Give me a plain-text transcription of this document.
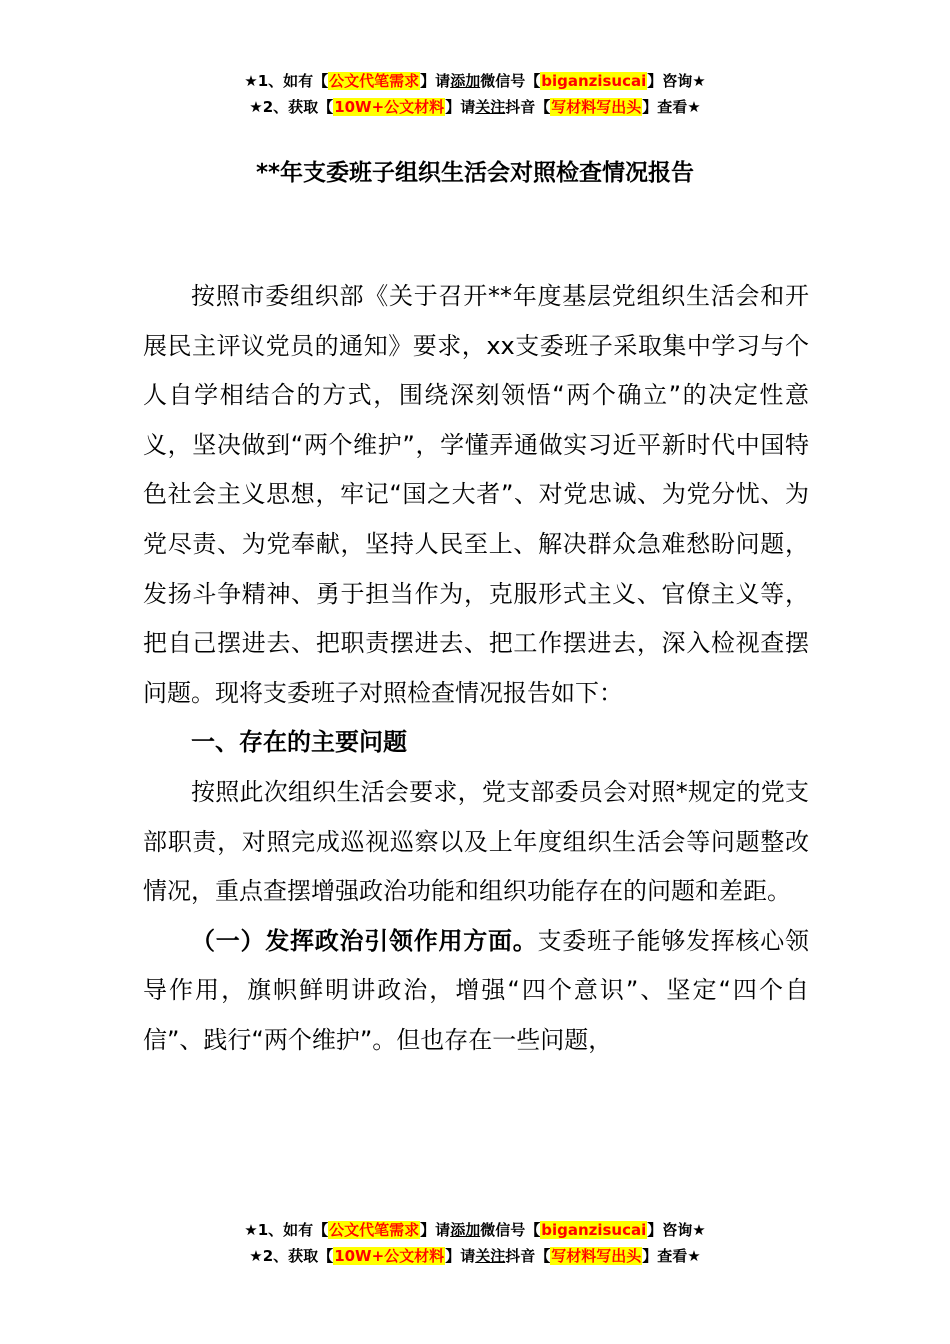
★1、如有【公文代笔需求】请添加微信号【biganzisucai】咨询★
★2、获取【10W+公文材料】请关注抖音【写材料写出头】查看★
**年支委班子组织生活会对照检查情况报告

按照市委组织部《关于召开**年度基层党组织生活会和开展民主评议党员的通知》要求，xx支委班子采取集中学习与个人自学相结合的方式，围绕深刻领悟“两个确立”的决定性意义，坚决做到“两个维护”，学懂弄通做实习近平新时代中国特色社会主义思想，牢记“国之大者”、对党忠诚、为党分忧、为党尽责、为党奉献，坚持人民至上、解决群众急难愁盼问题，发扬斗争精神、勇于担当作为，克服形式主义、官僚主义等，把自己摆进去、把职责摆进去、把工作摆进去，深入检视查摆问题。现将支委班子对照检查情况报告如下：

一、存在的主要问题

按照此次组织生活会要求，党支部委员会对照*规定的党支部职责，对照完成巡视巡察以及上年度组织生活会等问题整改情况，重点查摆增强政治功能和组织功能存在的问题和差距。

（一）发挥政治引领作用方面。支委班子能够发挥核心领导作用，旗帜鲜明讲政治，增强“四个意识”、坚定“四个自信”、践行“两个维护”。但也存在一些问题，

★1、如有【公文代笔需求】请添加微信号【biganzisucai】咨询★
★2、获取【10W+公文材料】请关注抖音【写材料写出头】查看★
